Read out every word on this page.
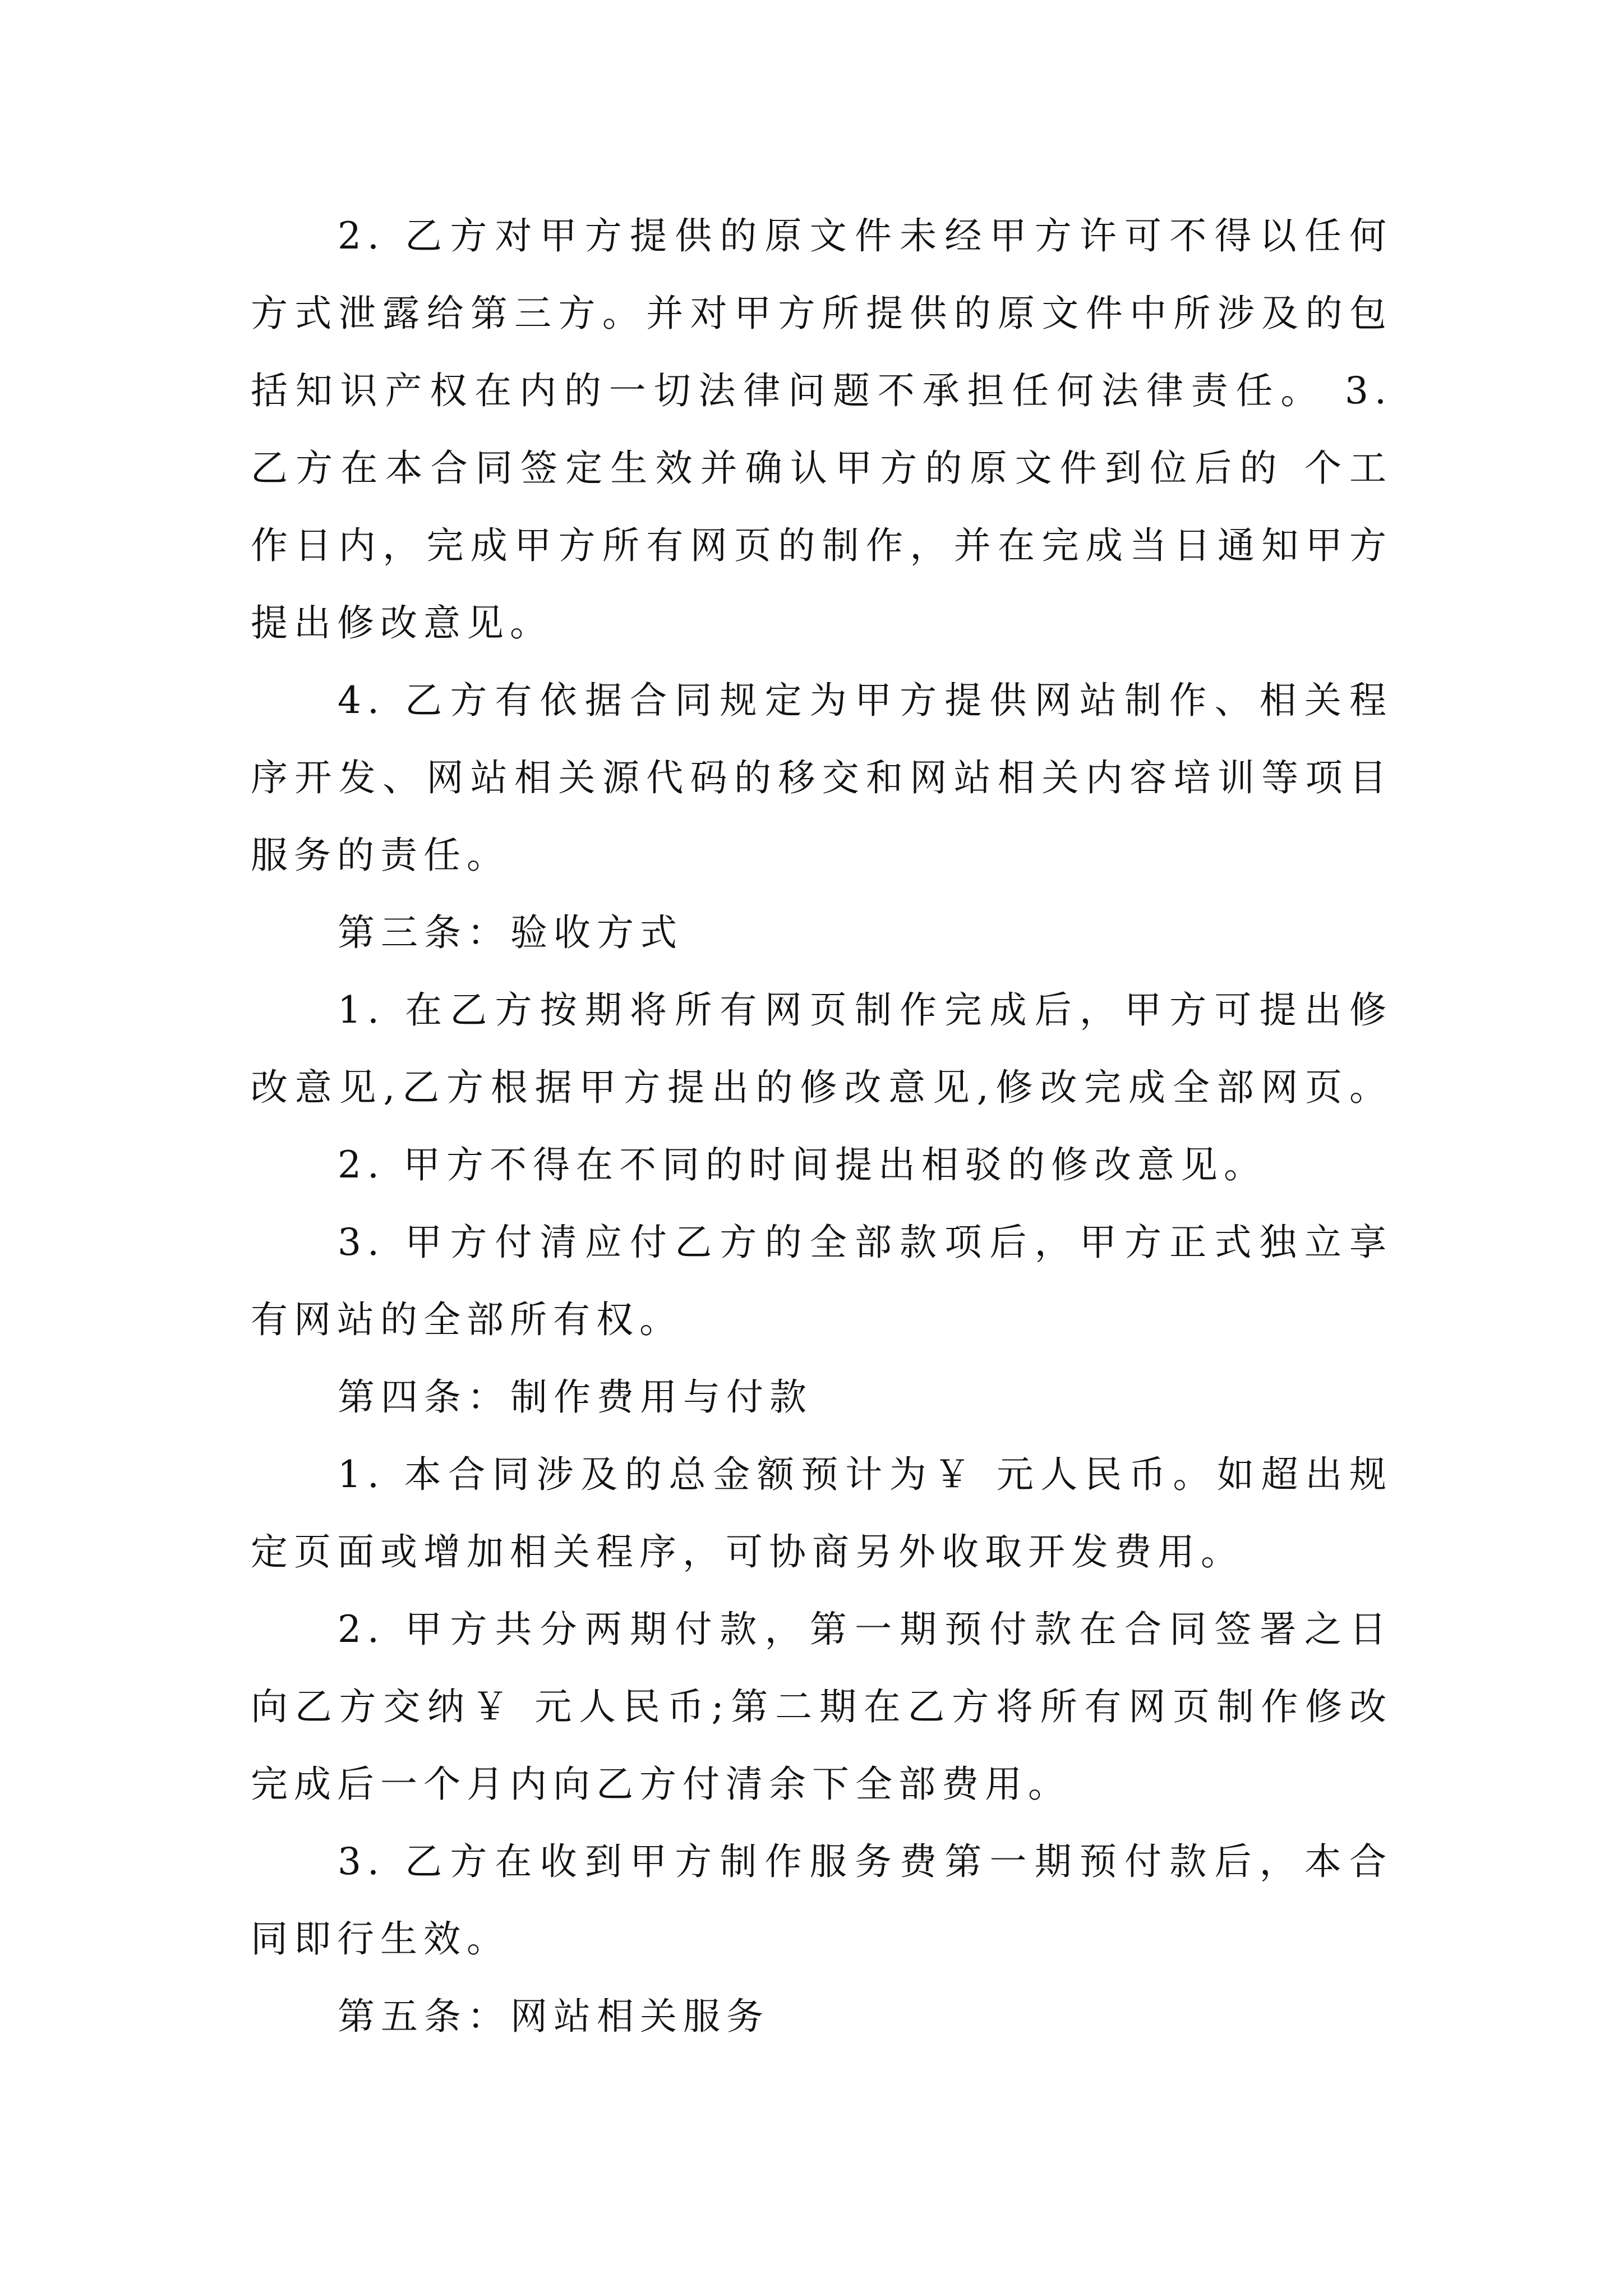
2. 乙方对甲方提供的原文件未经甲方许可不得以任何
方式泄露给第三方。并对甲方所提供的原文件中所涉及的包
括知识产权在内的一切法律问题不承担任何法律责任。 3.
乙方在本合同签定生效并确认甲方的原文件到位后的 个工
作日内，完成甲方所有网页的制作，并在完成当日通知甲方
提出修改意见。
4. 乙方有依据合同规定为甲方提供网站制作、相关程
序开发、网站相关源代码的移交和网站相关内容培训等项目
服务的责任。
第三条：验收方式
1. 在乙方按期将所有网页制作完成后，甲方可提出修
改意见,乙方根据甲方提出的修改意见,修改完成全部网页。
2. 甲方不得在不同的时间提出相驳的修改意见。
3. 甲方付清应付乙方的全部款项后，甲方正式独立享
有网站的全部所有权。
第四条：制作费用与付款
1. 本合同涉及的总金额预计为￥ 元人民币。如超出规
定页面或增加相关程序，可协商另外收取开发费用。
2. 甲方共分两期付款，第一期预付款在合同签署之日
向乙方交纳￥ 元人民币;第二期在乙方将所有网页制作修改
完成后一个月内向乙方付清余下全部费用。
3. 乙方在收到甲方制作服务费第一期预付款后，本合
同即行生效。
第五条：网站相关服务
